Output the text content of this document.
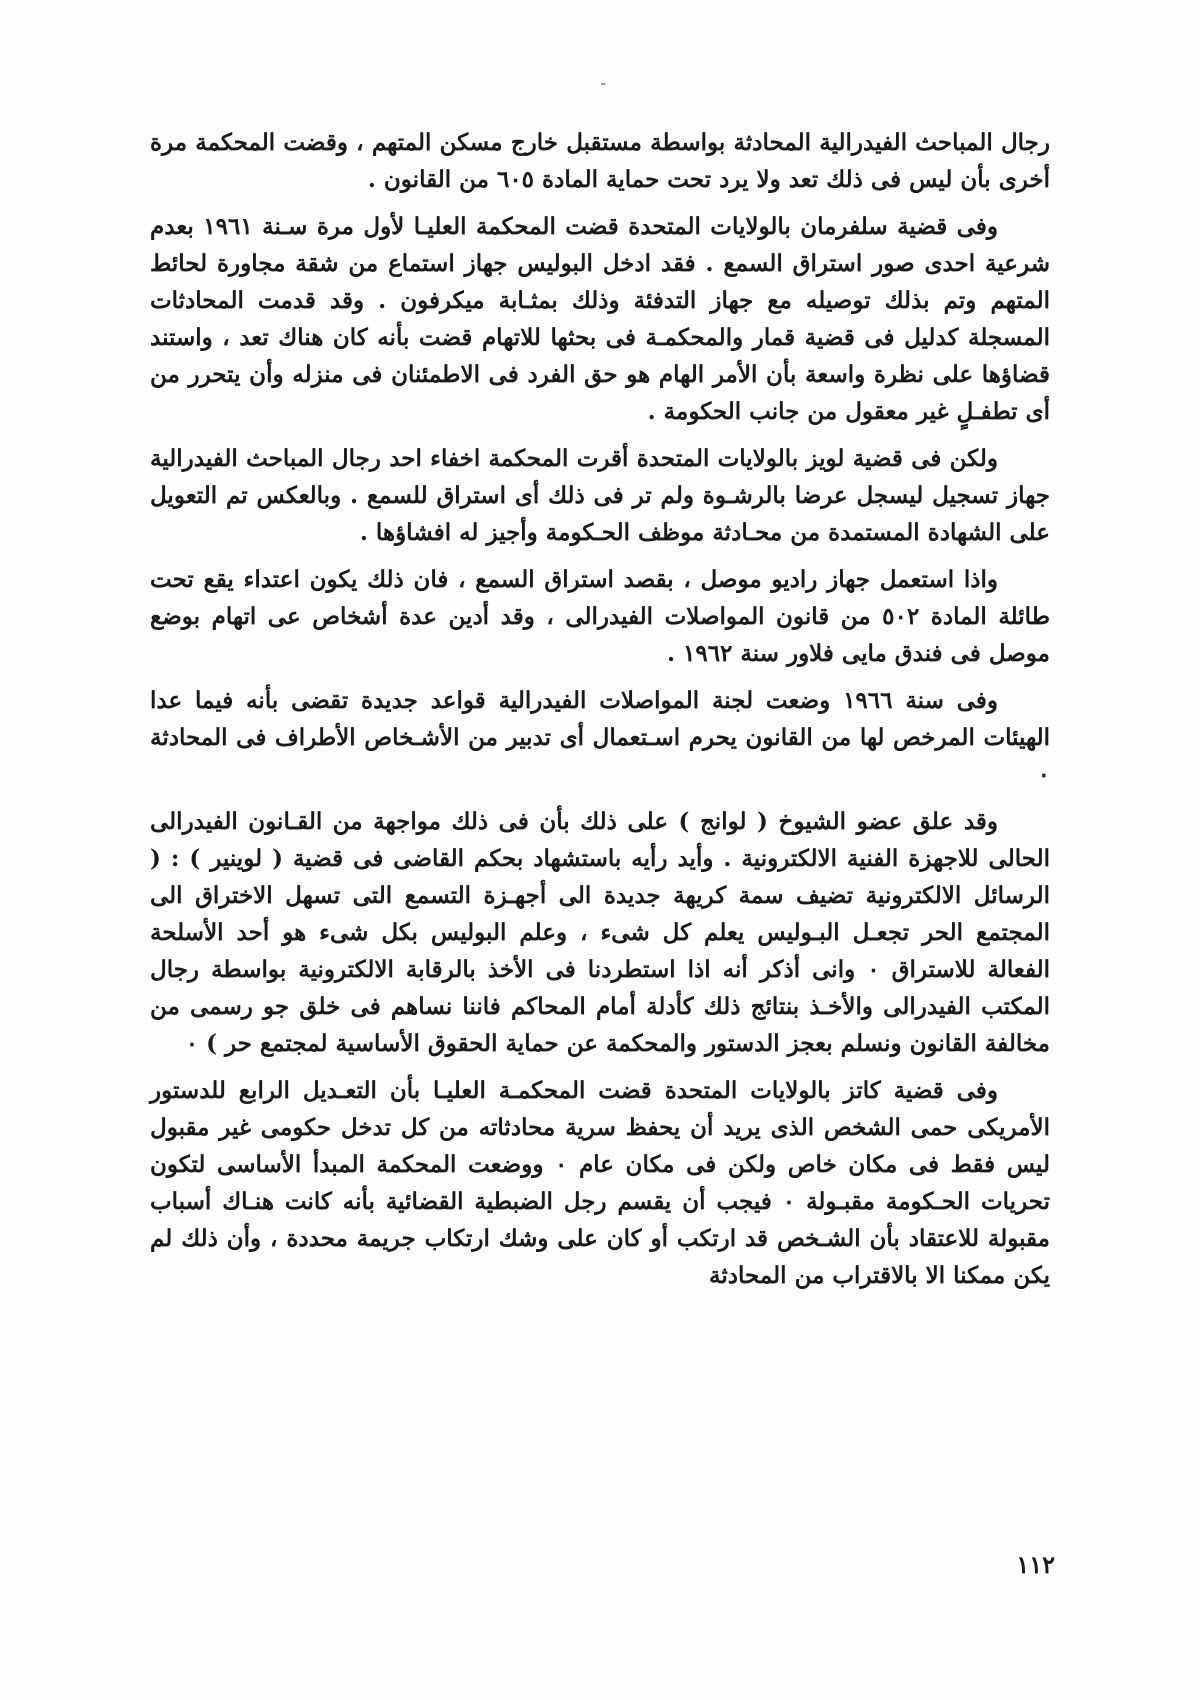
رجال المباحث الفيدرالية المحادثة بواسطة مستقبل خارج مسكن المتهم ، وقضت المحكمة مرة أخرى بأن ليس فى ذلك تعد ولا يرد تحت حماية المادة ٦٠٥ من القانون .

وفى قضية سلفرمان بالولايات المتحدة قضت المحكمة العليـا لأول مرة سـنة ١٩٦١ بعدم شرعية احدى صور استراق السمع . فقد ادخل البوليس جهاز استماع من شقة مجاورة لحائط المتهم وتم بذلك توصيله مع جهاز التدفئة وذلك بمثـابة ميكرفون . وقد قدمت المحادثات المسجلة كدليل فى قضية قمار والمحكمـة فى بحثها للاتهام قضت بأنه كان هناك تعد ، واستند قضاؤها على نظرة واسعة بأن الأمر الهام هو حق الفرد فى الاطمئنان فى منزله وأن يتحرر من أى تطفـلٍ غير معقول من جانب الحكومة .

ولكن فى قضية لويز بالولايات المتحدة أقرت المحكمة اخفاء احد رجال المباحث الفيدرالية جهاز تسجيل ليسجل عرضا بالرشـوة ولم تر فى ذلك أى استراق للسمع . وبالعكس تم التعويل على الشهادة المستمدة من محـادثة موظف الحـكومة وأجيز له افشاؤها .

واذا استعمل جهاز راديو موصل ، بقصد استراق السمع ، فان ذلك يكون اعتداء يقع تحت طائلة المادة ٥٠٢ من قانون المواصلات الفيدرالى ، وقد أدين عدة أشخاص عى اتهام بوضع موصل فى فندق مايى فلاور سنة ١٩٦٢ .

وفى سنة ١٩٦٦ وضعت لجنة المواصلات الفيدرالية قواعد جديدة تقضى بأنه فيما عدا الهيئات المرخص لها من القانون يحرم اسـتعمال أى تدبير من الأشـخاص الأطراف فى المحادثة ٠

وقد علق عضو الشيوخ ( لوانج ) على ذلك بأن فى ذلك مواجهة من القـانون الفيدرالى الحالى للاجهزة الفنية الالكترونية . وأيد رأيه باستشهاد بحكم القاضى فى قضية ( لوينير ) : ( الرسائل الالكترونية تضيف سمة كريهة جديدة الى أجهـزة التسمع التى تسهل الاختراق الى المجتمع الحر تجعـل البـوليس يعلم كل شىء ، وعلم البوليس بكل شىء هو أحد الأسلحة الفعالة للاستراق ٠ وانى أذكر أنه اذا استطردنا فى الأخذ بالرقابة الالكترونية بواسطة رجال المكتب الفيدرالى والأخـذ بنتائج ذلك كأدلة أمام المحاكم فاننا نساهم فى خلق جو رسمى من مخالفة القانون ونسلم بعجز الدستور والمحكمة عن حماية الحقوق الأساسية لمجتمع حر ) ٠

وفى قضية كاتز بالولايات المتحدة قضت المحكمـة العليـا بأن التعـديل الرابع للدستور الأمريكى حمى الشخص الذى يريد أن يحفظ سرية محادثاته من كل تدخل حكومى غير مقبول ليس فقط فى مكان خاص ولكن فى مكان عام ٠ ووضعت المحكمة المبدأ الأساسى لتكون تحريات الحـكومة مقبـولة ٠ فيجب أن يقسم رجل الضبطية القضائية بأنه كانت هنـاك أسباب مقبولة للاعتقاد بأن الشـخص قد ارتكب أو كان على وشك ارتكاب جريمة محددة ، وأن ذلك لم يكن ممكنا الا بالاقتراب من المحادثة

١١٢
